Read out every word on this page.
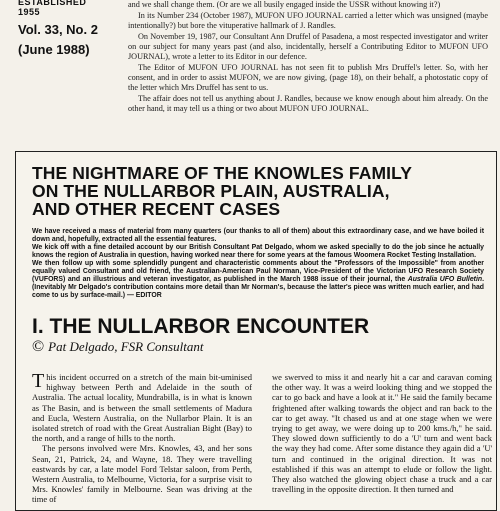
ESTABLISHED 1955
Vol. 33, No. 2
(June 1988)

and we shall change them. (Or are we all busily engaged inside the USSR without knowing it?)

In its Number 234 (October 1987), MUFON UFO JOURNAL carried a letter which was unsigned (maybe intentionally?) but bore the vituperative hallmark of J. Randles.

On November 19, 1987, our Consultant Ann Druffel of Pasadena, a most respected investigator and writer on our subject for many years past (and also, incidentally, herself a Contributing Editor to MUFON UFO JOURNAL), wrote a letter to its Editor in our defence.

The Editor of MUFON UFO JOURNAL has not seen fit to publish Mrs Druffel's letter. So, with her consent, and in order to assist MUFON, we are now giving, (page 18), on their behalf, a photostatic copy of the letter which Mrs Druffel has sent to us.

The affair does not tell us anything about J. Randles, because we know enough about him already. On the other hand, it may tell us a thing or two about MUFON UFO JOURNAL.

THE NIGHTMARE OF THE KNOWLES FAMILY
ON THE NULLARBOR PLAIN, AUSTRALIA,
AND OTHER RECENT CASES

We have received a mass of material from many quarters (our thanks to all of them) about this extraordinary case, and we have boiled it down and, hopefully, extracted all the essential features.

We kick off with a fine detailed account by our British Consultant Pat Delgado, whom we asked specially to do the job since he actually knows the region of Australia in question, having worked near there for some years at the famous Woomera Rocket Testing Installation.

We then follow up with some splendidly pungent and characteristic comments about the "Professors of the Impossible" from another equally valued Consultant and old friend, the Australian-American Paul Norman, Vice-President of the Victorian UFO Research Society (VUFORS) and an illustrious and veteran investigator, as published in the March 1988 issue of their journal, the Australia UFO Bulletin. (Inevitably Mr Delgado's contribution contains more detail than Mr Norman's, because the latter's piece was written much earlier, and had come to us by surface-mail.) — EDITOR

I. THE NULLARBOR ENCOUNTER
© Pat Delgado, FSR Consultant

This incident occurred on a stretch of the main bit-uminised highway between Perth and Adelaide in the south of Australia. The actual locality, Mundrabilla, is in what is known as The Basin, and is between the small settlements of Madura and Eucla, Western Australia, on the Nullarbor Plain. It is an isolated stretch of road with the Great Australian Bight (Bay) to the north, and a range of hills to the north.

The persons involved were Mrs. Knowles, 43, and her sons Sean, 21, Patrick, 24, and Wayne, 18. They were travelling eastwards by car, a late model Ford Telstar saloon, from Perth, Western Australia, to Melbourne, Victoria, for a surprise visit to Mrs. Knowles' family in Melbourne. Sean was driving at the time of

we swerved to miss it and nearly hit a car and caravan coming the other way. It was a weird looking thing and we stopped the car to go back and have a look at it." He said the family became frightened after walking towards the object and ran back to the car to get away. "It chased us and at one stage when we were trying to get away, we were doing up to 200 kms./h," he said. They slowed down sufficiently to do a 'U' turn and went back the way they had come. After some distance they again did a 'U' turn and continued in the original direction. It was not established if this was an attempt to elude or follow the light. They also watched the glowing object chase a truck and a car travelling in the opposite direction. It then turned and
